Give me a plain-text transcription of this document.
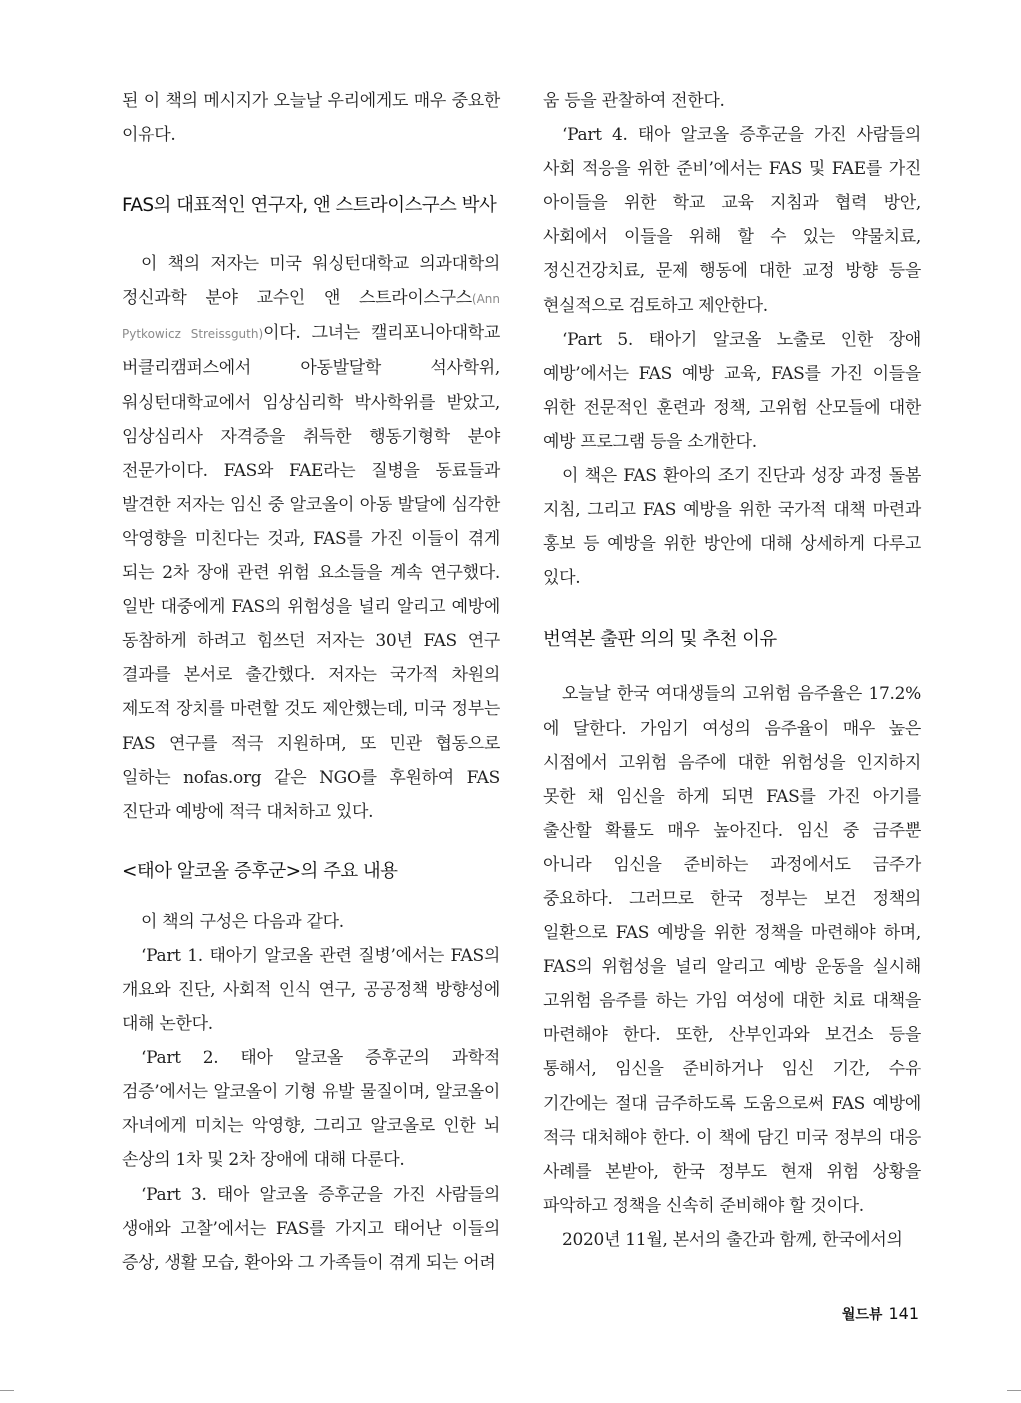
된 이 책의 메시지가 오늘날 우리에게도 매우 중요한 이유다.

FAS의 대표적인 연구자, 앤 스트라이스구스 박사

이 책의 저자는 미국 워싱턴대학교 의과대학의 정신과학 분야 교수인 앤 스트라이스구스(Ann Pytkowicz Streissguth)이다. 그녀는 캘리포니아대학교 버클리캠퍼스에서 아동발달학 석사학위, 워싱턴대학교에서 임상심리학 박사학위를 받았고, 임상심리사 자격증을 취득한 행동기형학 분야 전문가이다. FAS와 FAE라는 질병을 동료들과 발견한 저자는 임신 중 알코올이 아동 발달에 심각한 악영향을 미친다는 것과, FAS를 가진 이들이 겪게 되는 2차 장애 관련 위험 요소들을 계속 연구했다. 일반 대중에게 FAS의 위험성을 널리 알리고 예방에 동참하게 하려고 힘쓰던 저자는 30년 FAS 연구 결과를 본서로 출간했다. 저자는 국가적 차원의 제도적 장치를 마련할 것도 제안했는데, 미국 정부는 FAS 연구를 적극 지원하며, 또 민관 협동으로 일하는 nofas.org 같은 NGO를 후원하여 FAS 진단과 예방에 적극 대처하고 있다.

<태아 알코올 증후군>의 주요 내용

이 책의 구성은 다음과 같다.

‘Part 1. 태아기 알코올 관련 질병’에서는 FAS의 개요와 진단, 사회적 인식 연구, 공공정책 방향성에 대해 논한다.

‘Part 2. 태아 알코올 증후군의 과학적 검증’에서는 알코올이 기형 유발 물질이며, 알코올이 자녀에게 미치는 악영향, 그리고 알코올로 인한 뇌 손상의 1차 및 2차 장애에 대해 다룬다.

‘Part 3. 태아 알코올 증후군을 가진 사람들의 생애와 고찰’에서는 FAS를 가지고 태어난 이들의 증상, 생활 모습, 환아와 그 가족들이 겪게 되는 어려

움 등을 관찰하여 전한다.

‘Part 4. 태아 알코올 증후군을 가진 사람들의 사회 적응을 위한 준비’에서는 FAS 및 FAE를 가진 아이들을 위한 학교 교육 지침과 협력 방안, 사회에서 이들을 위해 할 수 있는 약물치료, 정신건강치료, 문제 행동에 대한 교정 방향 등을 현실적으로 검토하고 제안한다.

‘Part 5. 태아기 알코올 노출로 인한 장애 예방’에서는 FAS 예방 교육, FAS를 가진 이들을 위한 전문적인 훈련과 정책, 고위험 산모들에 대한 예방 프로그램 등을 소개한다.

이 책은 FAS 환아의 조기 진단과 성장 과정 돌봄 지침, 그리고 FAS 예방을 위한 국가적 대책 마련과 홍보 등 예방을 위한 방안에 대해 상세하게 다루고 있다.

번역본 출판 의의 및 추천 이유

오늘날 한국 여대생들의 고위험 음주율은 17.2%에 달한다. 가임기 여성의 음주율이 매우 높은 시점에서 고위험 음주에 대한 위험성을 인지하지 못한 채 임신을 하게 되면 FAS를 가진 아기를 출산할 확률도 매우 높아진다. 임신 중 금주뿐 아니라 임신을 준비하는 과정에서도 금주가 중요하다. 그러므로 한국 정부는 보건 정책의 일환으로 FAS 예방을 위한 정책을 마련해야 하며, FAS의 위험성을 널리 알리고 예방 운동을 실시해 고위험 음주를 하는 가임 여성에 대한 치료 대책을 마련해야 한다. 또한, 산부인과와 보건소 등을 통해서, 임신을 준비하거나 임신 기간, 수유 기간에는 절대 금주하도록 도움으로써 FAS 예방에 적극 대처해야 한다. 이 책에 담긴 미국 정부의 대응 사례를 본받아, 한국 정부도 현재 위험 상황을 파악하고 정책을 신속히 준비해야 할 것이다.

2020년 11월, 본서의 출간과 함께, 한국에서의

월드뷰 141
